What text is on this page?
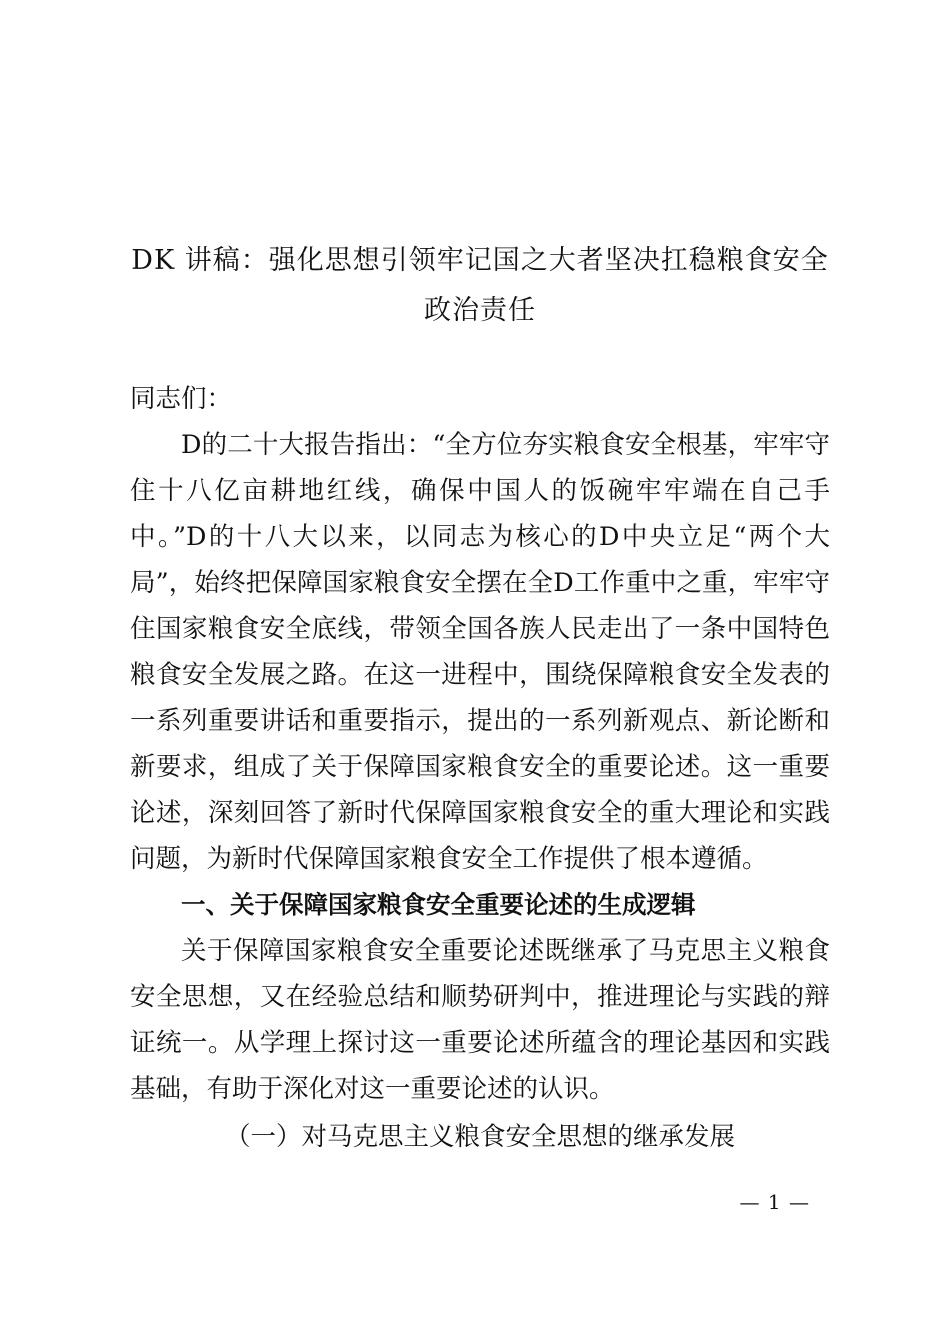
DK 讲稿：强化思想引领牢记国之大者坚决扛稳粮食安全政治责任

同志们：

D的二十大报告指出：“全方位夯实粮食安全根基，牢牢守住十八亿亩耕地红线，确保中国人的饭碗牢牢端在自己手中。”D的十八大以来，以同志为核心的D中央立足“两个大局”，始终把保障国家粮食安全摆在全D工作重中之重，牢牢守住国家粮食安全底线，带领全国各族人民走出了一条中国特色粮食安全发展之路。在这一进程中，围绕保障粮食安全发表的一系列重要讲话和重要指示，提出的一系列新观点、新论断和新要求，组成了关于保障国家粮食安全的重要论述。这一重要论述，深刻回答了新时代保障国家粮食安全的重大理论和实践问题，为新时代保障国家粮食安全工作提供了根本遵循。

一、关于保障国家粮食安全重要论述的生成逻辑

关于保障国家粮食安全重要论述既继承了马克思主义粮食安全思想，又在经验总结和顺势研判中，推进理论与实践的辩证统一。从学理上探讨这一重要论述所蕴含的理论基因和实践基础，有助于深化对这一重要论述的认识。

（一）对马克思主义粮食安全思想的继承发展

— 1 —
